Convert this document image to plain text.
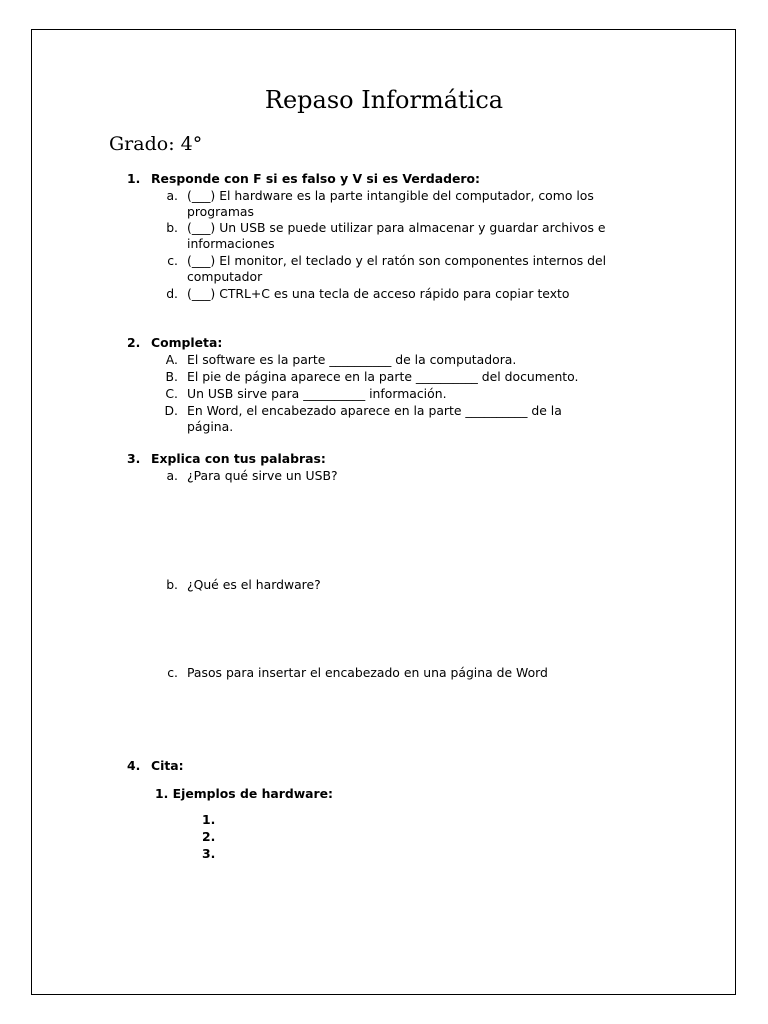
Repaso Informática
Grado: 4°
1. Responde con F si es falso y V si es Verdadero:
a. (___) El hardware es la parte intangible del computador, como los
programas
b. (___) Un USB se puede utilizar para almacenar y guardar archivos e
informaciones
c. (___) El monitor, el teclado y el ratón son componentes internos del
computador
d. (___) CTRL+C es una tecla de acceso rápido para copiar texto
2. Completa:
A. El software es la parte __________ de la computadora.
B. El pie de página aparece en la parte __________ del documento.
C. Un USB sirve para __________ información.
D. En Word, el encabezado aparece en la parte __________ de la
página.
3. Explica con tus palabras:
a. ¿Para qué sirve un USB?
b. ¿Qué es el hardware?
c. Pasos para insertar el encabezado en una página de Word
4. Cita:
1. Ejemplos de hardware:
1.
2.
3.
